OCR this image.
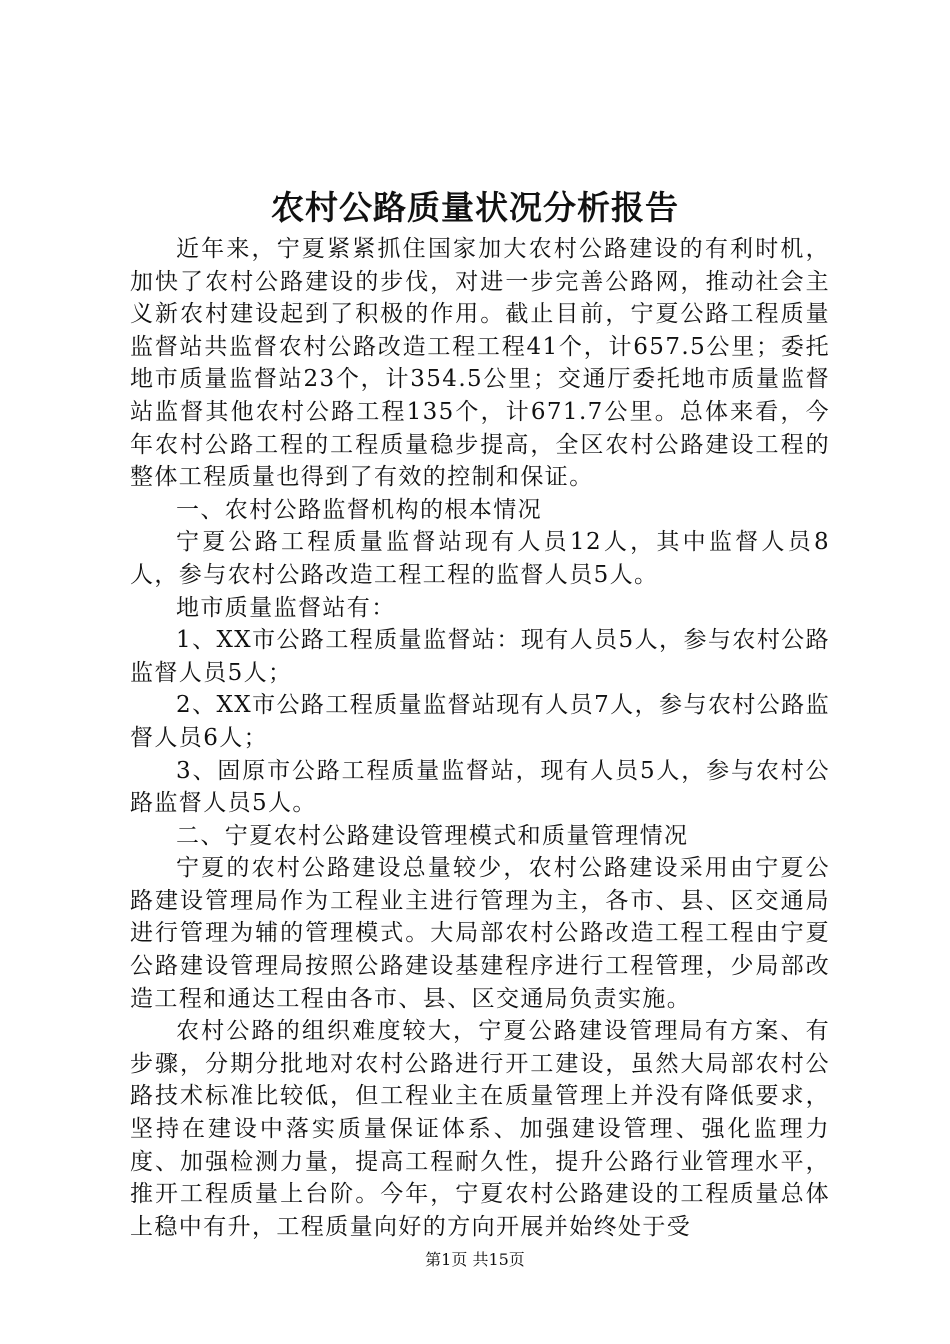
农村公路质量状况分析报告

近年来，宁夏紧紧抓住国家加大农村公路建设的有利时机，加快了农村公路建设的步伐，对进一步完善公路网，推动社会主义新农村建设起到了积极的作用。截止目前，宁夏公路工程质量监督站共监督农村公路改造工程工程41个，计657.5公里；委托地市质量监督站23个，计354.5公里；交通厅委托地市质量监督站监督其他农村公路工程135个，计671.7公里。总体来看，今年农村公路工程的工程质量稳步提高，全区农村公路建设工程的整体工程质量也得到了有效的控制和保证。

一、农村公路监督机构的根本情况

宁夏公路工程质量监督站现有人员12人，其中监督人员8人，参与农村公路改造工程工程的监督人员5人。

地市质量监督站有：

1、XX市公路工程质量监督站：现有人员5人，参与农村公路监督人员5人；

2、XX市公路工程质量监督站现有人员7人，参与农村公路监督人员6人；

3、固原市公路工程质量监督站，现有人员5人，参与农村公路监督人员5人。

二、宁夏农村公路建设管理模式和质量管理情况

宁夏的农村公路建设总量较少，农村公路建设采用由宁夏公路建设管理局作为工程业主进行管理为主，各市、县、区交通局进行管理为辅的管理模式。大局部农村公路改造工程工程由宁夏公路建设管理局按照公路建设基建程序进行工程管理，少局部改造工程和通达工程由各市、县、区交通局负责实施。

农村公路的组织难度较大，宁夏公路建设管理局有方案、有步骤，分期分批地对农村公路进行开工建设，虽然大局部农村公路技术标准比较低，但工程业主在质量管理上并没有降低要求，坚持在建设中落实质量保证体系、加强建设管理、强化监理力度、加强检测力量，提高工程耐久性，提升公路行业管理水平，推开工程质量上台阶。今年，宁夏农村公路建设的工程质量总体上稳中有升，工程质量向好的方向开展并始终处于受

第1页 共15页
